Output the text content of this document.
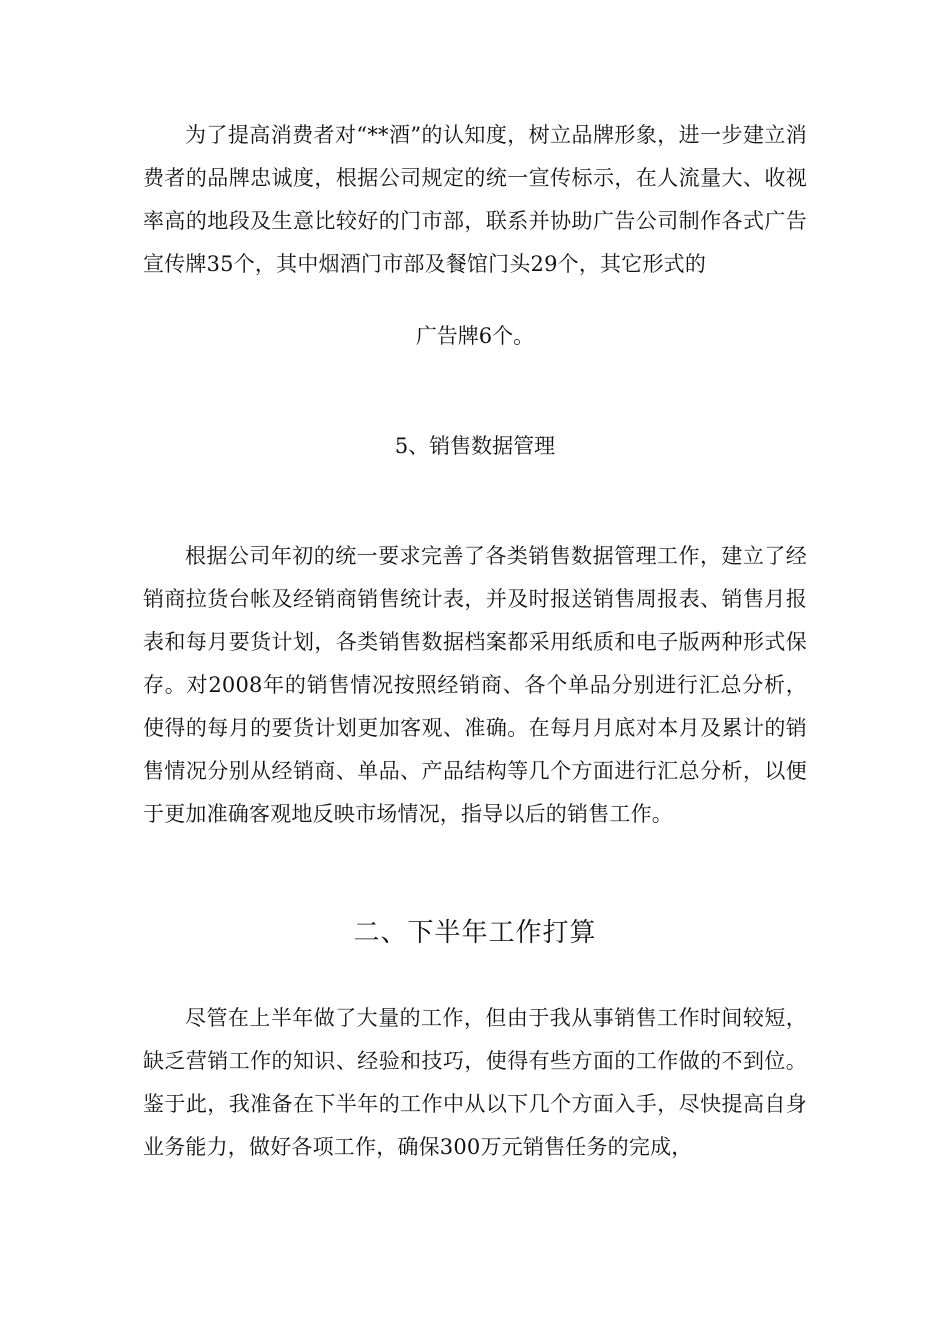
为了提高消费者对“**酒”的认知度，树立品牌形象，进一步建立消费者的品牌忠诚度，根据公司规定的统一宣传标示，在人流量大、收视率高的地段及生意比较好的门市部，联系并协助广告公司制作各式广告宣传牌35个，其中烟酒门市部及餐馆门头29个，其它形式的

广告牌6个。

5、销售数据管理

根据公司年初的统一要求完善了各类销售数据管理工作，建立了经销商拉货台帐及经销商销售统计表，并及时报送销售周报表、销售月报表和每月要货计划，各类销售数据档案都采用纸质和电子版两种形式保存。对2008年的销售情况按照经销商、各个单品分别进行汇总分析，使得的每月的要货计划更加客观、准确。在每月月底对本月及累计的销售情况分别从经销商、单品、产品结构等几个方面进行汇总分析，以便于更加准确客观地反映市场情况，指导以后的销售工作。

二、下半年工作打算

尽管在上半年做了大量的工作，但由于我从事销售工作时间较短，缺乏营销工作的知识、经验和技巧，使得有些方面的工作做的不到位。鉴于此，我准备在下半年的工作中从以下几个方面入手，尽快提高自身业务能力，做好各项工作，确保300万元销售任务的完成，
